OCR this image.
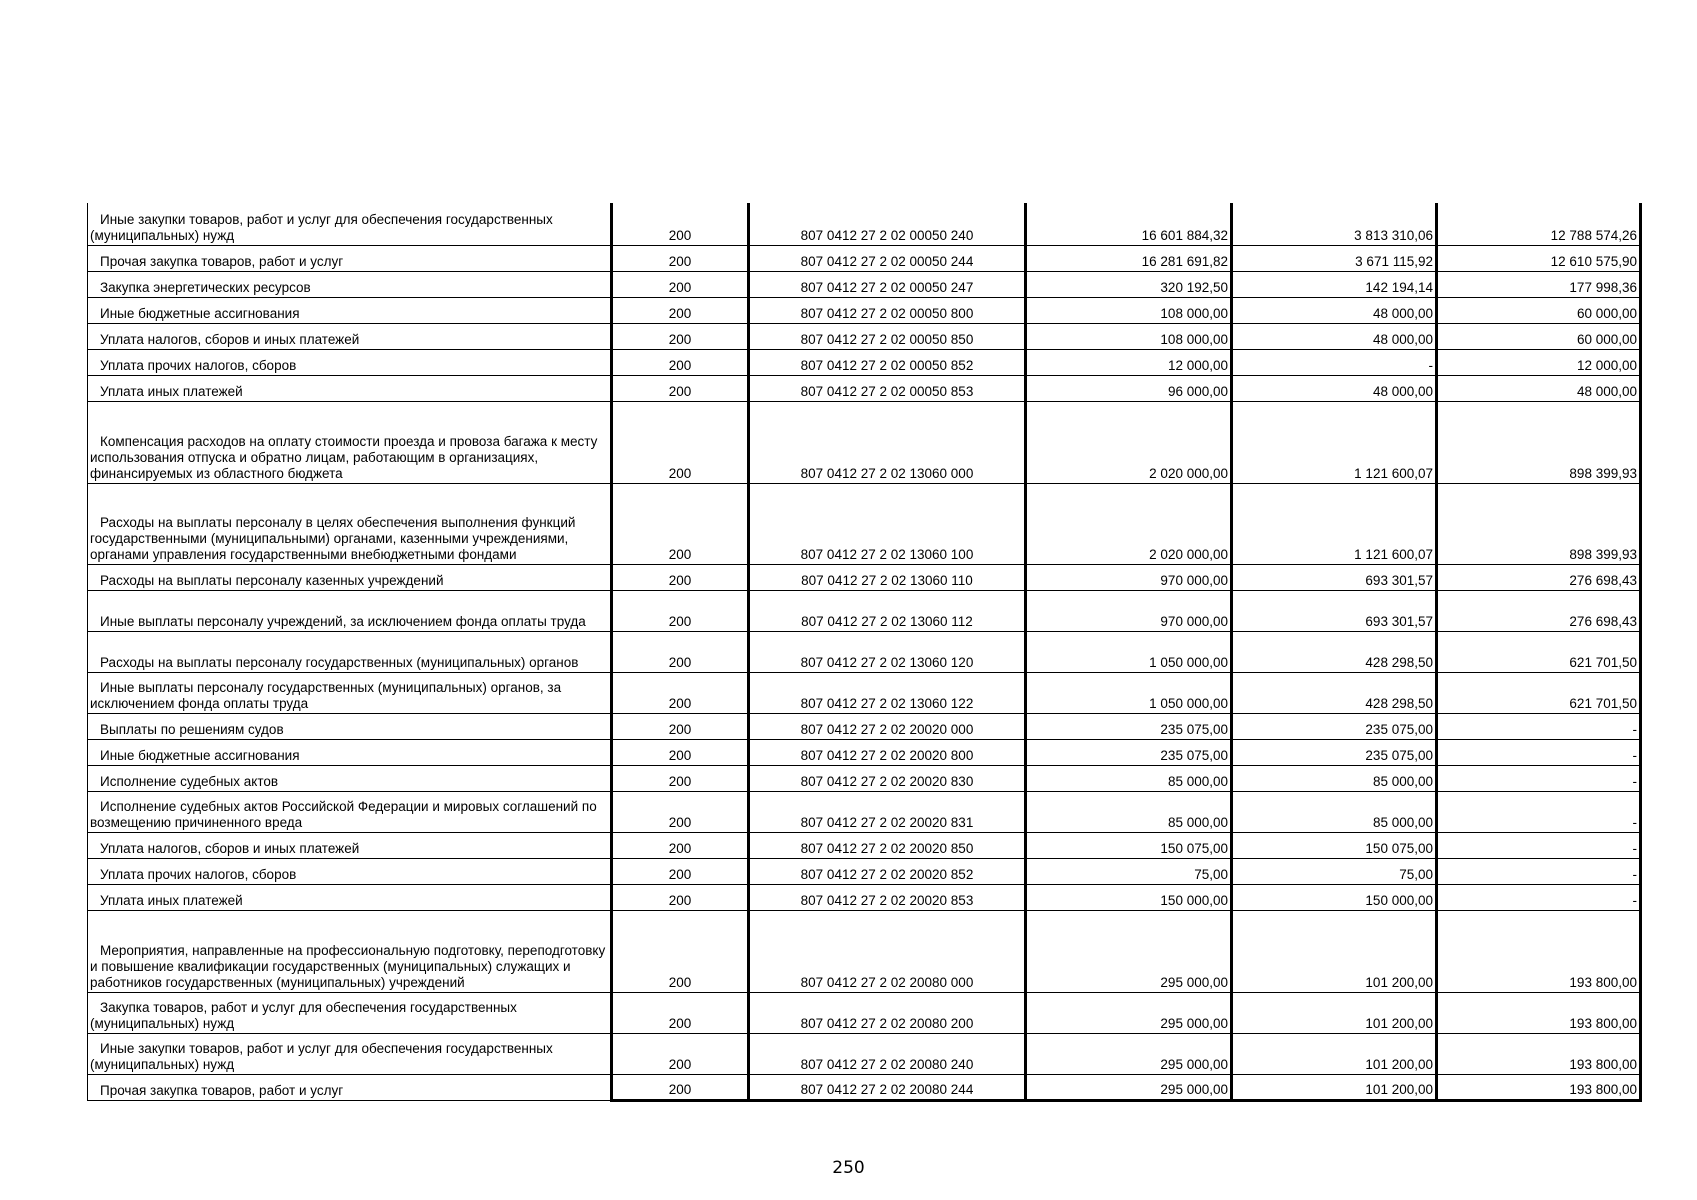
Иные закупки товаров, работ и услуг для обеспечения государственных (муниципальных) нужд	200	807 0412 27 2 02 00050 240	16 601 884,32	3 813 310,06	12 788 574,26
Прочая закупка товаров, работ и услуг	200	807 0412 27 2 02 00050 244	16 281 691,82	3 671 115,92	12 610 575,90
Закупка энергетических ресурсов	200	807 0412 27 2 02 00050 247	320 192,50	142 194,14	177 998,36
Иные бюджетные ассигнования	200	807 0412 27 2 02 00050 800	108 000,00	48 000,00	60 000,00
Уплата налогов, сборов и иных платежей	200	807 0412 27 2 02 00050 850	108 000,00	48 000,00	60 000,00
Уплата прочих налогов, сборов	200	807 0412 27 2 02 00050 852	12 000,00	-	12 000,00
Уплата иных платежей	200	807 0412 27 2 02 00050 853	96 000,00	48 000,00	48 000,00
Компенсация расходов на оплату стоимости проезда и провоза багажа к месту использования отпуска и обратно лицам, работающим в организациях, финансируемых из областного бюджета	200	807 0412 27 2 02 13060 000	2 020 000,00	1 121 600,07	898 399,93
Расходы на выплаты персоналу в целях обеспечения выполнения функций государственными (муниципальными) органами, казенными учреждениями, органами управления государственными внебюджетными фондами	200	807 0412 27 2 02 13060 100	2 020 000,00	1 121 600,07	898 399,93
Расходы на выплаты персоналу казенных учреждений	200	807 0412 27 2 02 13060 110	970 000,00	693 301,57	276 698,43
Иные выплаты персоналу учреждений, за исключением фонда оплаты труда	200	807 0412 27 2 02 13060 112	970 000,00	693 301,57	276 698,43
Расходы на выплаты персоналу государственных (муниципальных) органов	200	807 0412 27 2 02 13060 120	1 050 000,00	428 298,50	621 701,50
Иные выплаты персоналу государственных (муниципальных) органов, за исключением фонда оплаты труда	200	807 0412 27 2 02 13060 122	1 050 000,00	428 298,50	621 701,50
Выплаты по решениям судов	200	807 0412 27 2 02 20020 000	235 075,00	235 075,00	-
Иные бюджетные ассигнования	200	807 0412 27 2 02 20020 800	235 075,00	235 075,00	-
Исполнение судебных актов	200	807 0412 27 2 02 20020 830	85 000,00	85 000,00	-
Исполнение судебных актов Российской Федерации и мировых соглашений по возмещению причиненного вреда	200	807 0412 27 2 02 20020 831	85 000,00	85 000,00	-
Уплата налогов, сборов и иных платежей	200	807 0412 27 2 02 20020 850	150 075,00	150 075,00	-
Уплата прочих налогов, сборов	200	807 0412 27 2 02 20020 852	75,00	75,00	-
Уплата иных платежей	200	807 0412 27 2 02 20020 853	150 000,00	150 000,00	-
Мероприятия, направленные на профессиональную подготовку, переподготовку и повышение квалификации государственных (муниципальных) служащих и работников государственных (муниципальных) учреждений	200	807 0412 27 2 02 20080 000	295 000,00	101 200,00	193 800,00
Закупка товаров, работ и услуг для обеспечения государственных (муниципальных) нужд	200	807 0412 27 2 02 20080 200	295 000,00	101 200,00	193 800,00
Иные закупки товаров, работ и услуг для обеспечения государственных (муниципальных) нужд	200	807 0412 27 2 02 20080 240	295 000,00	101 200,00	193 800,00
Прочая закупка товаров, работ и услуг	200	807 0412 27 2 02 20080 244	295 000,00	101 200,00	193 800,00
250
